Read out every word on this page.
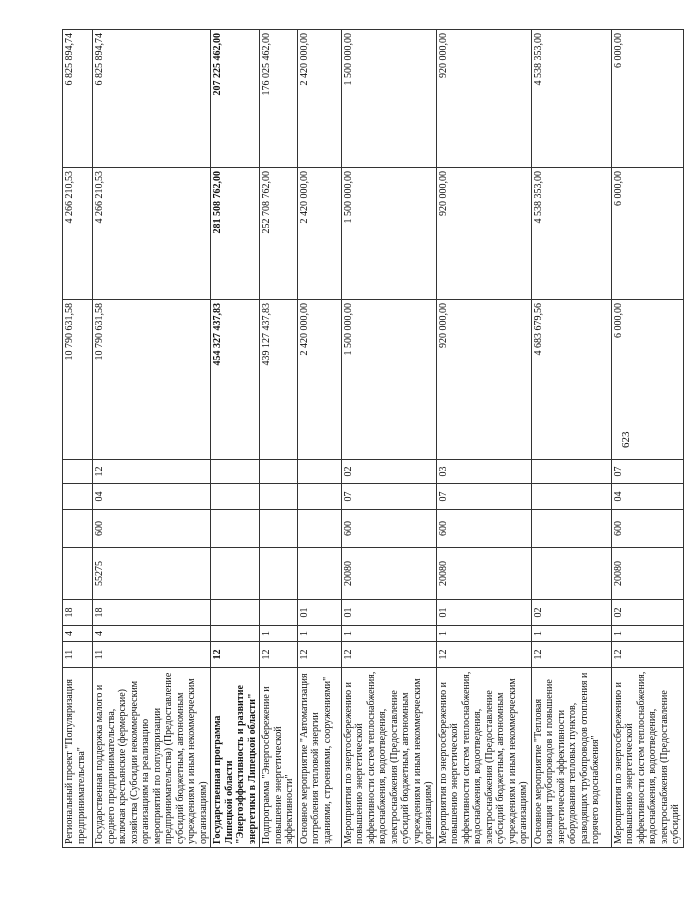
623
Региональный проект "Популяризация предпринимательства"	11	4	18					10 790 631,58	4 266 210,53	6 825 894,74
Государственная поддержка малого и среднего предпринимательства, включая крестьянские (фермерские) хозяйства (Субсидии некоммерческим организациям на реализацию мероприятий по популяризации предпринимательства) (Предоставление субсидий бюджетным, автономным учреждениям и иным некоммерческим организациям)	11	4	18	55275	600	04	12	10 790 631,58	4 266 210,53	6 825 894,74
Государственная программа Липецкой области "Энергоэффективность и развитие энергетики в Липецкой области"	12							454 327 437,83	281 508 762,00	207 225 462,00
Подпрограмма "Энергосбережение и повышение энергетической эффективности"	12	1						439 127 437,83	252 708 762,00	176 025 462,00
Основное мероприятие "Автоматизация потребления тепловой энергии зданиями, строениями, сооружениями"	12	1	01					2 420 000,00	2 420 000,00	2 420 000,00
Мероприятия по энергосбережению и повышению энергетической эффективности систем теплоснабжения, водоснабжения, водоотведения, электроснабжения (Предоставление субсидий бюджетным, автономным учреждениям и иным некоммерческим организациям)	12	1	01	20080	600	07	02	1 500 000,00	1 500 000,00	1 500 000,00
Мероприятия по энергосбережению и повышению энергетической эффективности систем теплоснабжения, водоснабжения, водоотведения, электроснабжения (Предоставление субсидий бюджетным, автономным учреждениям и иным некоммерческим организациям)	12	1	01	20080	600	07	03	920 000,00	920 000,00	920 000,00
Основное мероприятие "Тепловая изоляция трубопроводов и повышение энергетической эффективности оборудования тепловых пунктов, разводящих трубопроводов отопления и горячего водоснабжения"	12	1	02					4 683 679,56	4 538 353,00	4 538 353,00
Мероприятия по энергосбережению и повышению энергетической эффективности систем теплоснабжения, водоснабжения, водоотведения, электроснабжения (Предоставление субсидий	12	1	02	20080	600	04	07	6 000,00	6 000,00	6 000,00
